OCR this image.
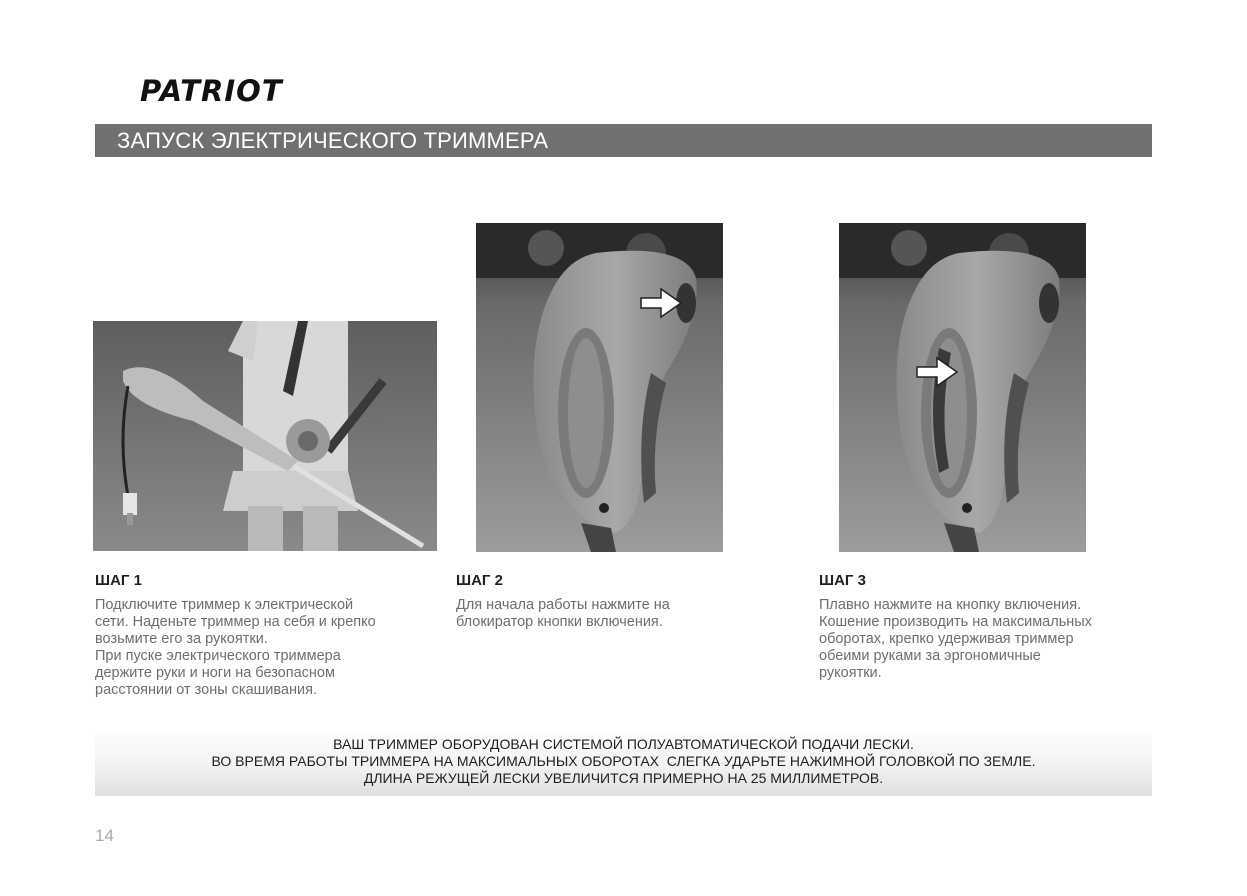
PATRIOT
ЗАПУСК ЭЛЕКТРИЧЕСКОГО ТРИММЕРА
ШАГ 1

Подключите триммер к электрической
сети. Наденьте триммер на себя и крепко
возьмите его за рукоятки.
При пуске электрического триммера
держите руки и ноги на безопасном
расстоянии от зоны скашивания.

ШАГ 2

Для начала работы нажмите на
блокиратор кнопки включения.

ШАГ 3

Плавно нажмите на кнопку включения.
Кошение производить на максимальных
оборотах, крепко удерживая триммер
обеими руками за эргономичные
рукоятки.

ВАШ ТРИММЕР ОБОРУДОВАН СИСТЕМОЙ ПОЛУАВТОМАТИЧЕСКОЙ ПОДАЧИ ЛЕСКИ.
ВО ВРЕМЯ РАБОТЫ ТРИММЕРА НА МАКСИМАЛЬНЫХ ОБОРОТАХ  СЛЕГКА УДАРЬТЕ НАЖИМНОЙ ГОЛОВКОЙ ПО ЗЕМЛЕ.
ДЛИНА РЕЖУЩЕЙ ЛЕСКИ УВЕЛИЧИТСЯ ПРИМЕРНО НА 25 МИЛЛИМЕТРОВ.
14
